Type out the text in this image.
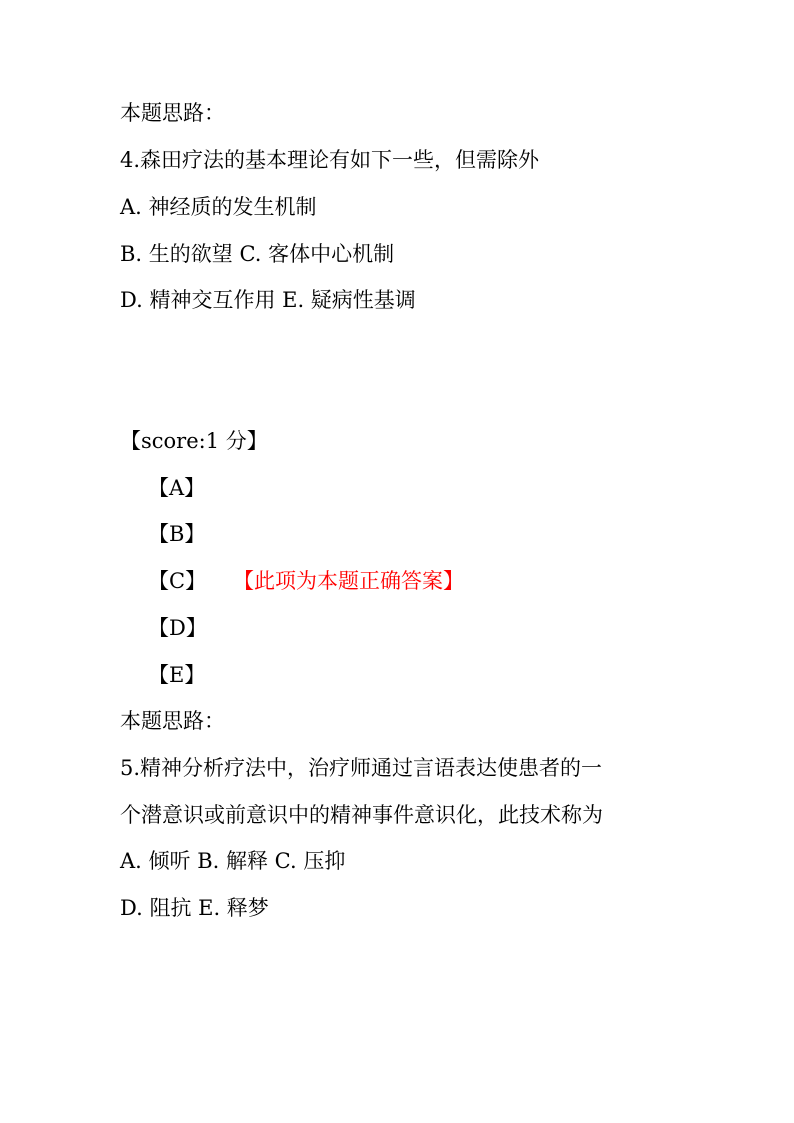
本题思路：
4.森田疗法的基本理论有如下一些，但需除外
A. 神经质的发生机制
B. 生的欲望 C. 客体中心机制
D. 精神交互作用 E. 疑病性基调
【score:1 分】
【A】
【B】
【C】 【此项为本题正确答案】
【D】
【E】
本题思路：
5.精神分析疗法中，治疗师通过言语表达使患者的一
个潜意识或前意识中的精神事件意识化，此技术称为
A. 倾听 B. 解释 C. 压抑
D. 阻抗 E. 释梦
